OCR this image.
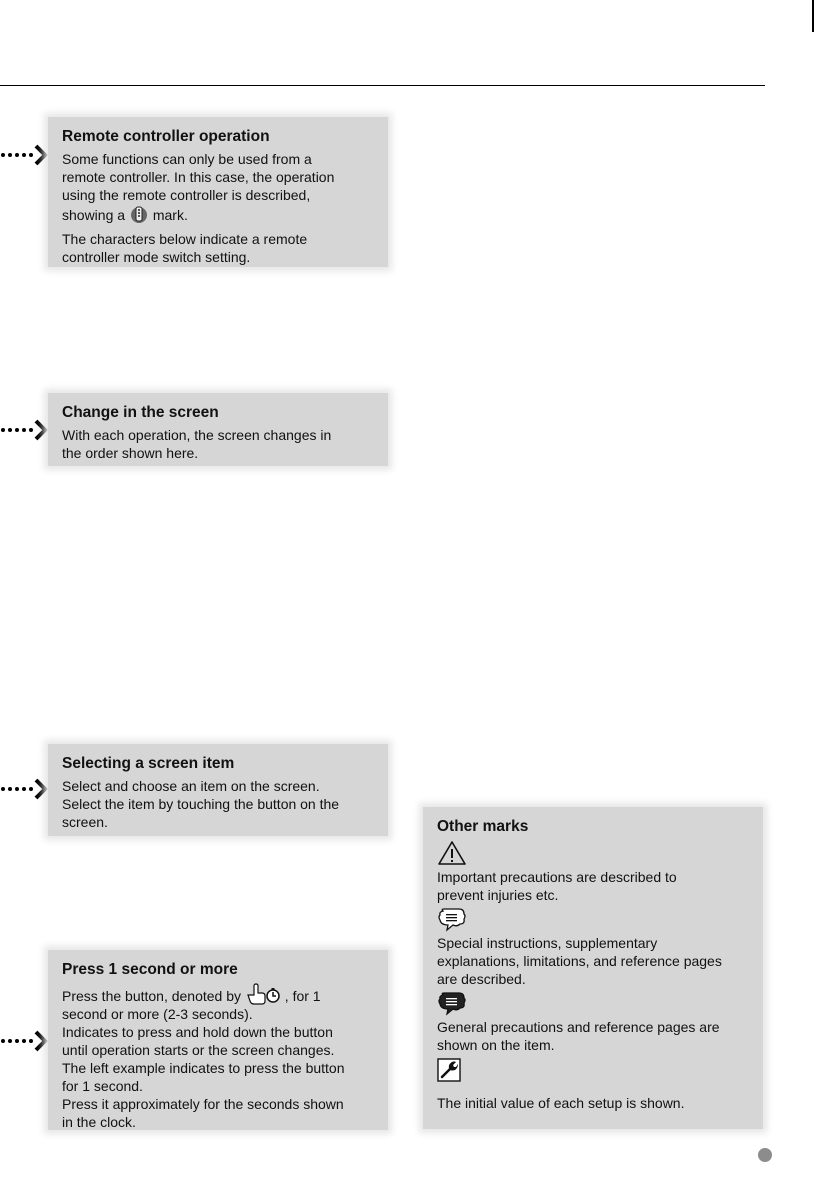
Remote controller operation

Some functions can only be used from a

remote controller. In this case, the operation

using the remote controller is described,

showing a mark.

The characters below indicate a remote

controller mode switch setting.

Change in the screen

With each operation, the screen changes in

the order shown here.

Selecting a screen item

Select and choose an item on the screen.

Select the item by touching the button on the

screen.

Press 1 second or more

Press the button, denoted by	, for 1

second or more (2-3 seconds).

Indicates to press and hold down the button

until operation starts or the screen changes.

The left example indicates to press the button

for 1 second.

Press it approximately for the seconds shown

in the clock.

Other marks

Important precautions are described to

prevent injuries etc.

Special instructions, supplementary

explanations, limitations, and reference pages

are described.

General precautions and reference pages are

shown on the item.

The initial value of each setup is shown.
